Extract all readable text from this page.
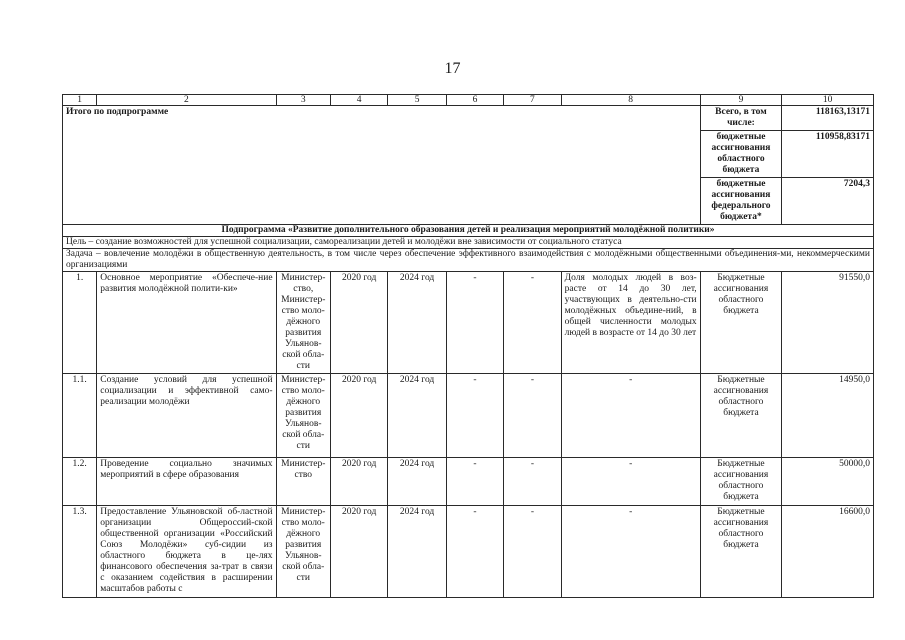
17
1	2	3	4	5	6	7	8	9	10
Итого по подпрограмме								Всего, в том числе:	118163,13171
								бюджетные ассигнования областного бюджета	110958,83171
								бюджетные ассигнования федерального бюджета*	7204,3
Подпрограмма «Развитие дополнительного образования детей и реализация мероприятий молодёжной политики»									
Цель – создание возможностей для успешной социализации, самореализации детей и молодёжи вне зависимости от социального статуса									
Задача – вовлечение молодёжи в общественную деятельность, в том числе через обеспечение эффективного взаимодействия с молодёжными общественными объединения-ми, некоммерческими организациями									
1.	Основное мероприятие «Обеспече-ние развития молодёжной полити-ки»	Министер-ство, Министер-ство моло-дёжного развития Ульянов-ской обла-сти	2020 год	2024 год	-	-	Доля молодых людей в воз-расте от 14 до 30 лет, участвующих в деятельно-сти молодёжных объедине-ний, в общей численности молодых людей в возрасте от 14 до 30 лет	Бюджетные ассигнования областного бюджета	91550,0
1.1.	Создание условий для успешной социализации и эффективной само-реализации молодёжи	Министер-ство моло-дёжного развития Ульянов-ской обла-сти	2020 год	2024 год	-	-	-	Бюджетные ассигнования областного бюджета	14950,0
1.2.	Проведение социально значимых мероприятий в сфере образования	Министер-ство	2020 год	2024 год	-	-	-	Бюджетные ассигнования областного бюджета	50000,0
1.3.	Предоставление Ульяновской об-ластной организации Общероссий-ской общественной организации «Российский Союз Молодёжи» суб-сидии из областного бюджета в це-лях финансового обеспечения за-трат в связи с оказанием содействия в расширении масштабов работы с	Министер-ство моло-дёжного развития Ульянов-ской обла-сти	2020 год	2024 год	-	-	-	Бюджетные ассигнования областного бюджета	16600,0
